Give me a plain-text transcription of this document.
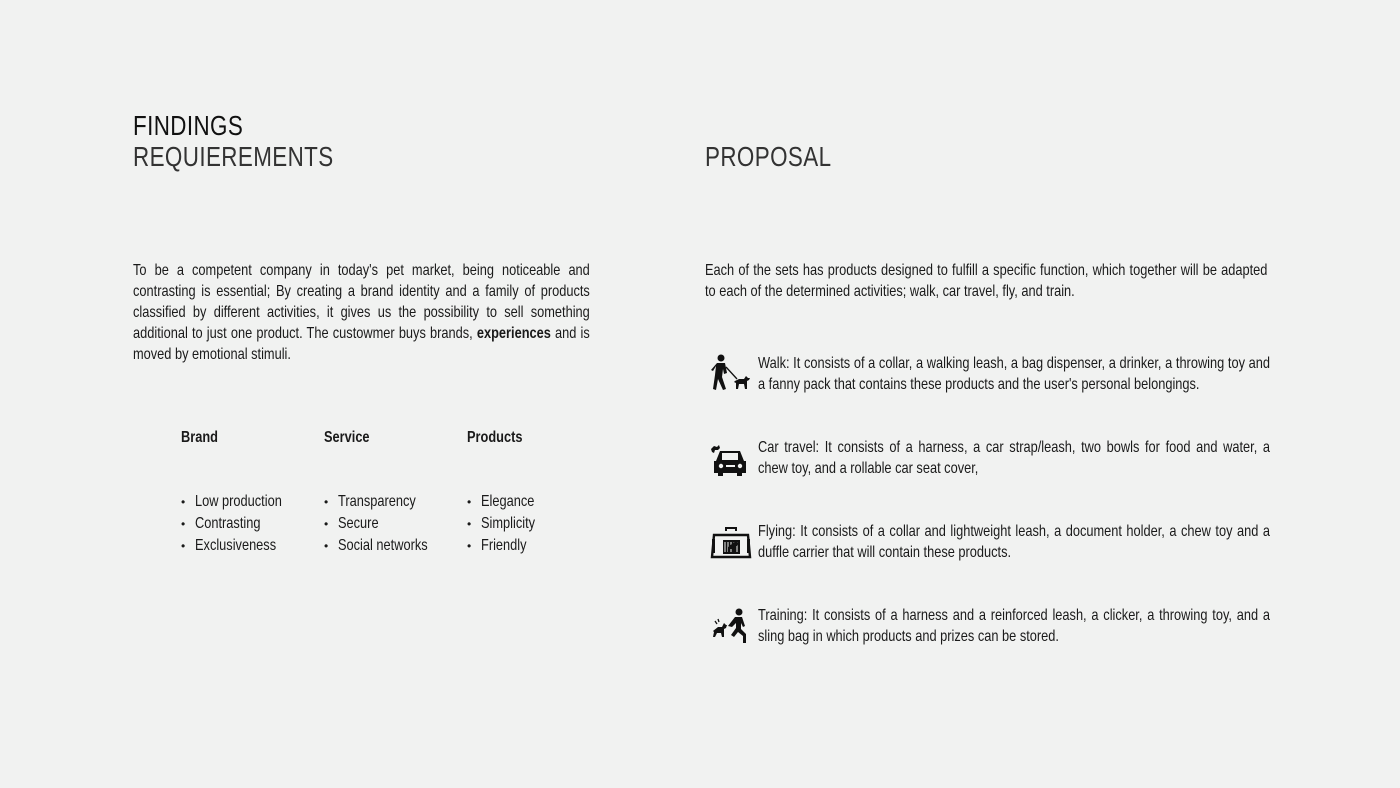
FINDINGS
REQUIEREMENTS	PROPOSAL
To be a competent company in today's pet market, being noticeable and contrasting is essential; By creating a brand identity and a family of products classified by different activities, it gives us the possibility to sell something additional to just one product. The custowmer buys brands, experiences and is moved by emotional stimuli.
Brand
• Low production
• Contrasting
• Exclusiveness
Service
• Transparency
• Secure
• Social networks
Products
• Elegance
• Simplicity
• Friendly
Each of the sets has products designed to fulfill a specific function, which together will be adapted to each of the determined activities; walk, car travel, fly, and train.
Walk: It consists of a collar, a walking leash, a bag dispenser, a drinker, a throwing toy and a fanny pack that contains these products and the user's personal belongings.
Car travel: It consists of a harness, a car strap/leash, two bowls for food and water, a chew toy, and a rollable car seat cover,
Flying: It consists of a collar and lightweight leash, a document holder, a chew toy and a duffle carrier that will contain these products.
Training: It consists of a harness and a reinforced leash, a clicker, a throwing toy, and a sling bag in which products and prizes can be stored.
